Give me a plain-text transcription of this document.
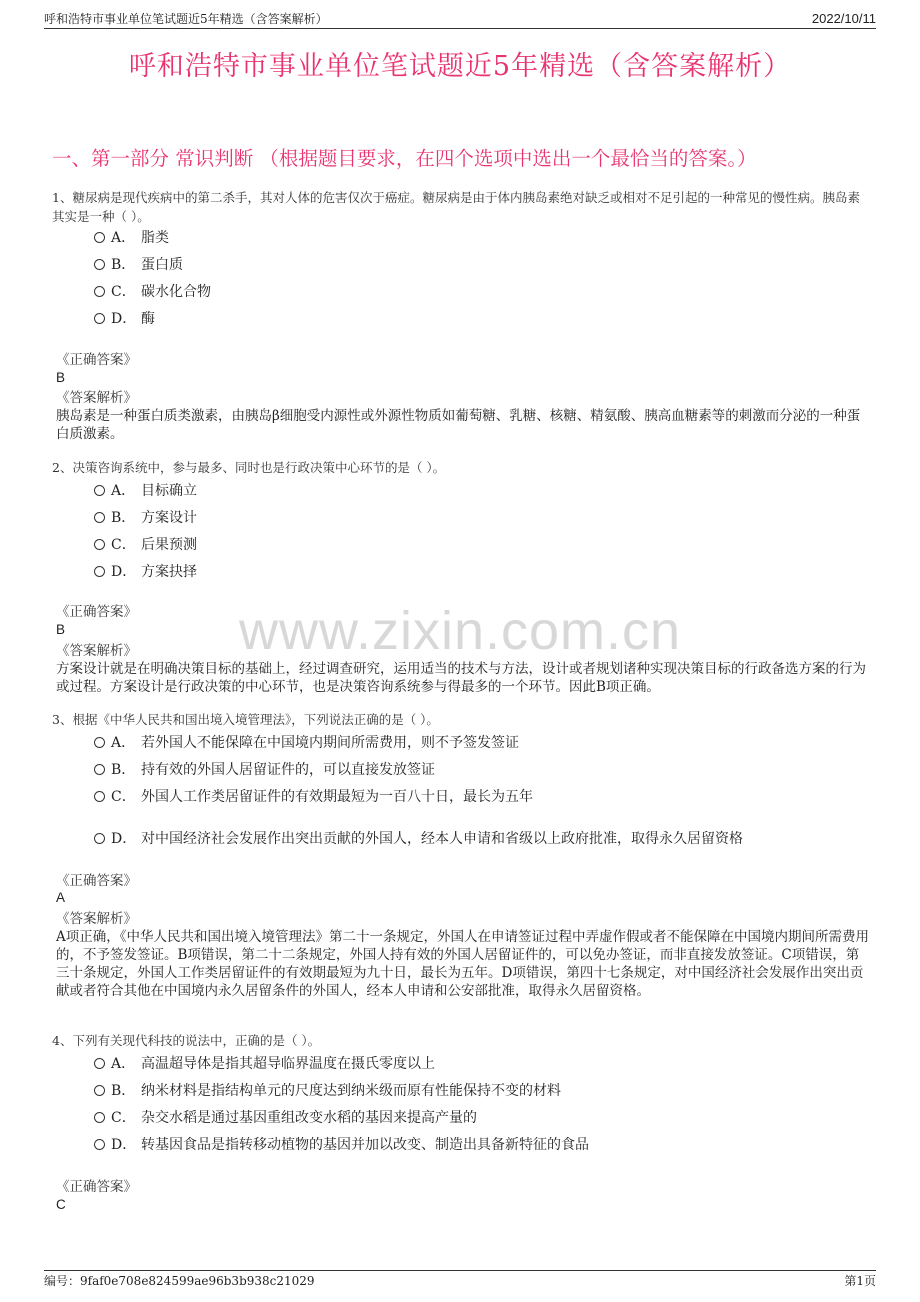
呼和浩特市事业单位笔试题近5年精选（含答案解析）	2022/10/11
呼和浩特市事业单位笔试题近5年精选（含答案解析）
www.zixin.com.cn
一、第一部分 常识判断 （根据题目要求，在四个选项中选出一个最恰当的答案。）
1、糖尿病是现代疾病中的第二杀手，其对人体的危害仅次于癌症。糖尿病是由于体内胰岛素绝对缺乏或相对不足引起的一种常见的慢性病。胰岛素其实是一种（ ）。
A． 脂类
B． 蛋白质
C． 碳水化合物
D． 酶
《正确答案》
B
《答案解析》
胰岛素是一种蛋白质类激素，由胰岛β细胞受内源性或外源性物质如葡萄糖、乳糖、核糖、精氨酸、胰高血糖素等的刺激而分泌的一种蛋白质激素。
2、决策咨询系统中，参与最多、同时也是行政决策中心环节的是（ ）。
A． 目标确立
B． 方案设计
C． 后果预测
D． 方案抉择
《正确答案》
B
《答案解析》
方案设计就是在明确决策目标的基础上，经过调查研究，运用适当的技术与方法，设计或者规划诸种实现决策目标的行政备选方案的行为或过程。方案设计是行政决策的中心环节，也是决策咨询系统参与得最多的一个环节。因此B项正确。
3、根据《中华人民共和国出境入境管理法》，下列说法正确的是（ ）。
A． 若外国人不能保障在中国境内期间所需费用，则不予签发签证
B． 持有效的外国人居留证件的，可以直接发放签证
C． 外国人工作类居留证件的有效期最短为一百八十日，最长为五年
D． 对中国经济社会发展作出突出贡献的外国人，经本人申请和省级以上政府批准，取得永久居留资格
《正确答案》
A
《答案解析》
A项正确，《中华人民共和国出境入境管理法》第二十一条规定，外国人在申请签证过程中弄虚作假或者不能保障在中国境内期间所需费用的，不予签发签证。B项错误，第二十二条规定，外国人持有效的外国人居留证件的，可以免办签证，而非直接发放签证。C项错误，第三十条规定，外国人工作类居留证件的有效期最短为九十日，最长为五年。D项错误，第四十七条规定，对中国经济社会发展作出突出贡献或者符合其他在中国境内永久居留条件的外国人，经本人申请和公安部批准，取得永久居留资格。
4、下列有关现代科技的说法中，正确的是（ ）。
A． 高温超导体是指其超导临界温度在摄氏零度以上
B． 纳米材料是指结构单元的尺度达到纳米级而原有性能保持不变的材料
C． 杂交水稻是通过基因重组改变水稻的基因来提高产量的
D． 转基因食品是指转移动植物的基因并加以改变、制造出具备新特征的食品
《正确答案》
C
编号：9faf0e708e824599ae96b3b938c21029	第1页
